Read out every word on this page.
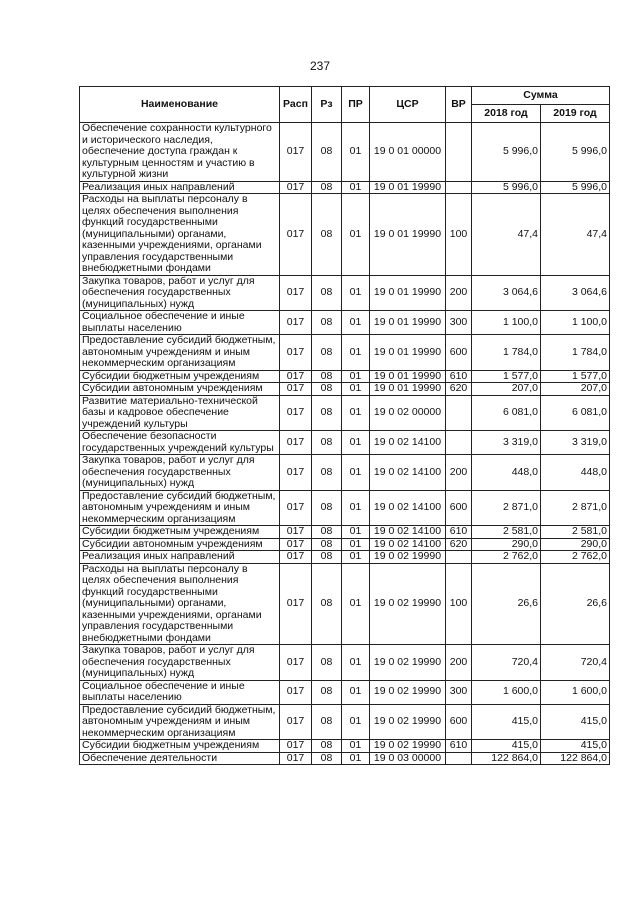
237
Наименование	Расп	Рз	ПР	ЦСР	ВР	Сумма	
						2018 год	2019 год
Обеспечение сохранности культурного и исторического наследия, обеспечение доступа граждан к культурным ценностям и участию в культурной жизни	017	08	01	19 0 01 00000		5 996,0	5 996,0
Реализация иных направлений	017	08	01	19 0 01 19990		5 996,0	5 996,0
Расходы на выплаты персоналу в целях обеспечения выполнения функций государственными (муниципальными) органами, казенными учреждениями, органами управления государственными внебюджетными фондами	017	08	01	19 0 01 19990	100	47,4	47,4
Закупка товаров, работ и услуг для обеспечения государственных (муниципальных) нужд	017	08	01	19 0 01 19990	200	3 064,6	3 064,6
Социальное обеспечение и иные выплаты населению	017	08	01	19 0 01 19990	300	1 100,0	1 100,0
Предоставление субсидий бюджетным, автономным учреждениям и иным некоммерческим организациям	017	08	01	19 0 01 19990	600	1 784,0	1 784,0
Субсидии бюджетным учреждениям	017	08	01	19 0 01 19990	610	1 577,0	1 577,0
Субсидии автономным учреждениям	017	08	01	19 0 01 19990	620	207,0	207,0
Развитие материально-технической базы и кадровое обеспечение учреждений культуры	017	08	01	19 0 02 00000		6 081,0	6 081,0
Обеспечение безопасности государственных учреждений культуры	017	08	01	19 0 02 14100		3 319,0	3 319,0
Закупка товаров, работ и услуг для обеспечения государственных (муниципальных) нужд	017	08	01	19 0 02 14100	200	448,0	448,0
Предоставление субсидий бюджетным, автономным учреждениям и иным некоммерческим организациям	017	08	01	19 0 02 14100	600	2 871,0	2 871,0
Субсидии бюджетным учреждениям	017	08	01	19 0 02 14100	610	2 581,0	2 581,0
Субсидии автономным учреждениям	017	08	01	19 0 02 14100	620	290,0	290,0
Реализация иных направлений	017	08	01	19 0 02 19990		2 762,0	2 762,0
Расходы на выплаты персоналу в целях обеспечения выполнения функций государственными (муниципальными) органами, казенными учреждениями, органами управления государственными внебюджетными фондами	017	08	01	19 0 02 19990	100	26,6	26,6
Закупка товаров, работ и услуг для обеспечения государственных (муниципальных) нужд	017	08	01	19 0 02 19990	200	720,4	720,4
Социальное обеспечение и иные выплаты населению	017	08	01	19 0 02 19990	300	1 600,0	1 600,0
Предоставление субсидий бюджетным, автономным учреждениям и иным некоммерческим организациям	017	08	01	19 0 02 19990	600	415,0	415,0
Субсидии бюджетным учреждениям	017	08	01	19 0 02 19990	610	415,0	415,0
Обеспечение деятельности	017	08	01	19 0 03 00000		122 864,0	122 864,0
